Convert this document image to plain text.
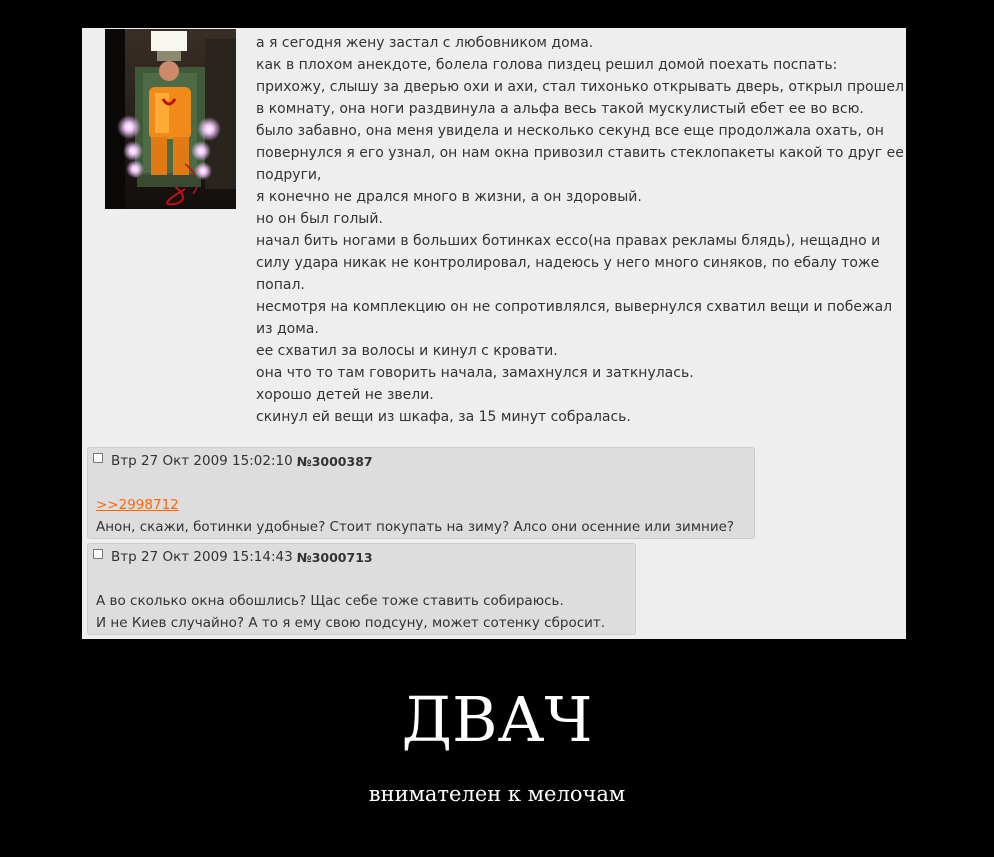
а я сегодня жену застал с любовником дома.
как в плохом анекдоте, болела голова пиздец решил домой поехать поспать:
прихожу, слышу за дверью охи и ахи, стал тихонько открывать дверь, открыл прошел
в комнату, она ноги раздвинула а альфа весь такой мускулистый ебет ее во всю.
было забавно, она меня увидела и несколько секунд все еще продолжала охать, он
повернулся я его узнал, он нам окна привозил ставить стеклопакеты какой то друг ее
подруги,
я конечно не дрался много в жизни, а он здоровый.
но он был голый.
начал бить ногами в больших ботинках ecco(на правах рекламы блядь), нещадно и
силу удара никак не контролировал, надеюсь у него много синяков, по ебалу тоже
попал.
несмотря на комплекцию он не сопротивлялся, вывернулся схватил вещи и побежал
из дома.
ее схватил за волосы и кинул с кровати.
она что то там говорить начала, замахнулся и заткнулась.
хорошо детей не звели.
скинул ей вещи из шкафа, за 15 минут собралась.
Втр 27 Окт 2009 15:02:10 №3000387
>>2998712
Анон, скажи, ботинки удобные? Стоит покупать на зиму? Алсо они осенние или зимние?
Втр 27 Окт 2009 15:14:43 №3000713
А во сколько окна обошлись? Щас себе тоже ставить собираюсь.
И не Киев случайно? А то я ему свою подсуну, может сотенку сбросит.
ДВАЧ
внимателен к мелочам
